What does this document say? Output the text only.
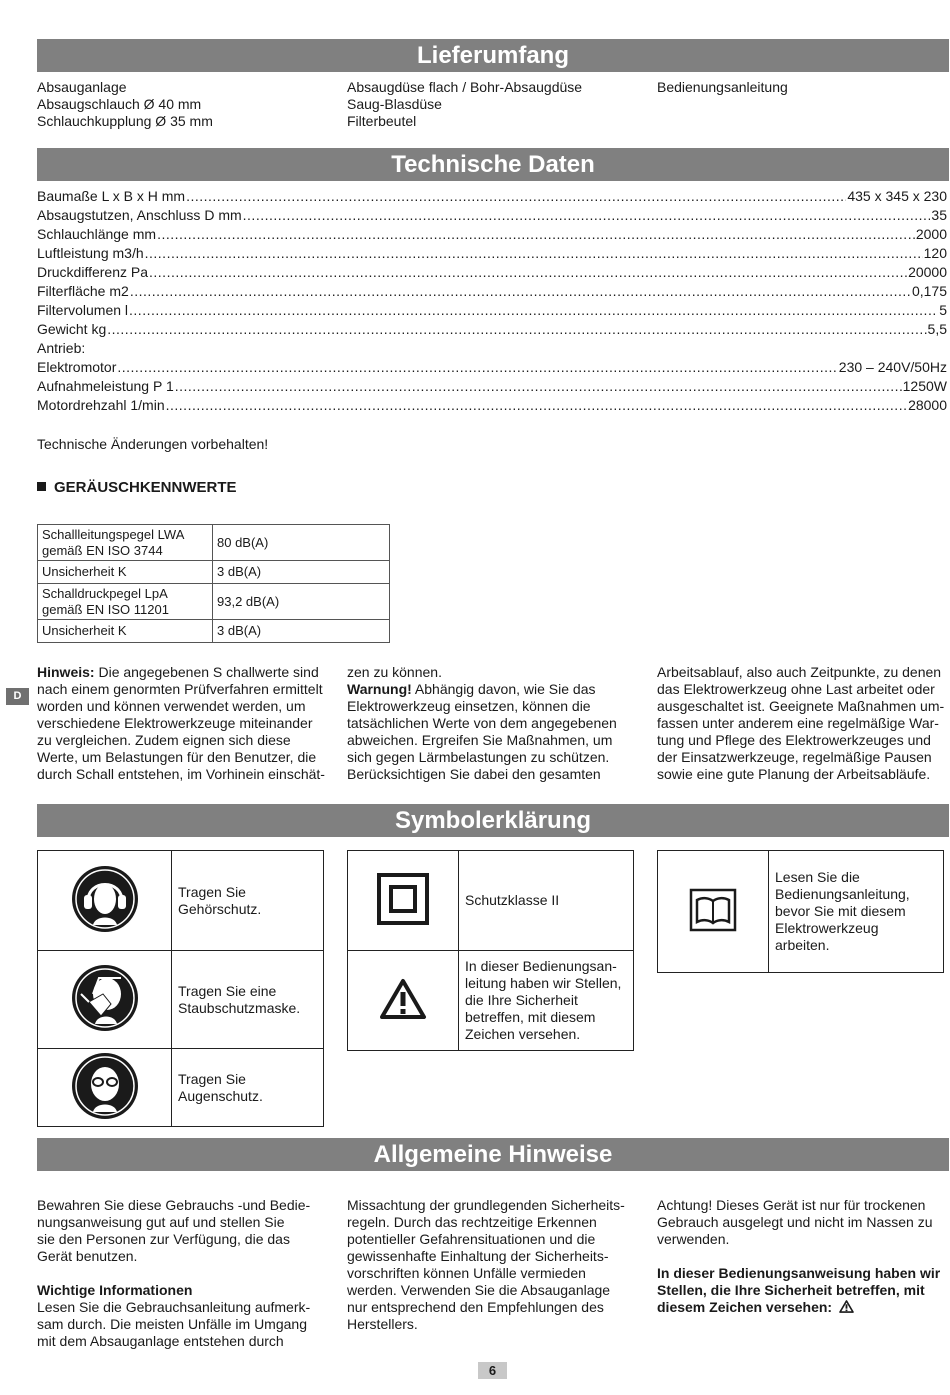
Lieferumfang
Technische Daten
Symbolerklärung
Allgemeine Hinweise
Absauganlage
Absaugschlauch Ø 40 mm
Schlauchkupplung Ø 35 mm
Absaugdüse flach / Bohr-Absaugdüse
Saug-Blasdüse
Filterbeutel
Bedienungsanleitung
Baumaße L x B x H mm .....	435 x 345 x 230
Absaugstutzen, Anschluss D mm .....	35
Schlauchlänge mm .....	2000
Luftleistung m3/h .....	120
Druckdifferenz Pa .....	20000
Filterfläche m2 .....	0,175
Filtervolumen l .....	5
Gewicht kg .....	5,5
Antrieb:
Elektromotor .....	230 – 240V/50Hz
Aufnahmeleistung P 1 .....	1250W
Motordrehzahl 1/min .....	28000
Technische Änderungen vorbehalten!
GERÄUSCHKENNWERTE
Schallleitungspegel LWA
gemäß EN ISO 3744	80 dB(A)
Unsicherheit K	3 dB(A)

Schalldruckpegel LpA
gemäß EN ISO 11201	93,2 dB(A)
Unsicherheit K	3 dB(A)
D
Hinweis: Die angegebenen S challwerte sind
nach einem genormten Prüfverfahren ermittelt
worden und können verwendet werden, um
verschiedene Elektrowerkzeuge miteinander
zu vergleichen. Zudem eignen sich diese
Werte, um Belastungen für den Benutzer, die
durch Schall entstehen, im Vorhinein einschät-
zen zu können.
Warnung! Abhängig davon, wie Sie das
Elektrowerkzeug einsetzen, können die
tatsächlichen Werte von dem angegebenen
abweichen. Ergreifen Sie Maßnahmen, um
sich gegen Lärmbelastungen zu schützen.
Berücksichtigen Sie dabei den gesamten
Arbeitsablauf, also auch Zeitpunkte, zu denen
das Elektrowerkzeug ohne Last arbeitet oder
ausgeschaltet ist. Geeignete Maßnahmen um-
fassen unter anderem eine regelmäßige War-
tung und Pflege des Elektrowerkzeuges und
der Einsatzwerkzeuge, regelmäßige Pausen
sowie eine gute Planung der Arbeitsabläufe.

Tragen Sie
Gehörschutz.

Tragen Sie eine
Staubschutzmaske.

Tragen Sie
Augenschutz.
	Schutzklasse II

In dieser Bedienungsan-
leitung haben wir Stellen,
die Ihre Sicherheit
betreffen, mit diesem
Zeichen versehen.

Lesen Sie die
Bedienungsanleitung,
bevor Sie mit diesem
Elektrowerkzeug
arbeiten.
Bewahren Sie diese Gebrauchs -und Bedie-
nungsanweisung gut auf und stellen Sie
sie den Personen zur Verfügung, die das
Gerät benutzen.
Wichtige Informationen
Lesen Sie die Gebrauchsanleitung aufmerk-
sam durch. Die meisten Unfälle im Umgang
mit dem Absauganlage entstehen durch
Missachtung der grundlegenden Sicherheits-
regeln. Durch das rechtzeitige Erkennen
potentieller Gefahrensituationen und die
gewissenhafte Einhaltung der Sicherheits-
vorschriften können Unfälle vermieden
werden. Verwenden Sie die Absauganlage
nur entsprechend den Empfehlungen des
Herstellers.
Achtung! Dieses Gerät ist nur für trockenen
Gebrauch ausgelegt und nicht im Nassen zu
verwenden.
In dieser Bedienungsanweisung haben wir
Stellen, die Ihre Sicherheit betreffen, mit
diesem Zeichen versehen:
6
